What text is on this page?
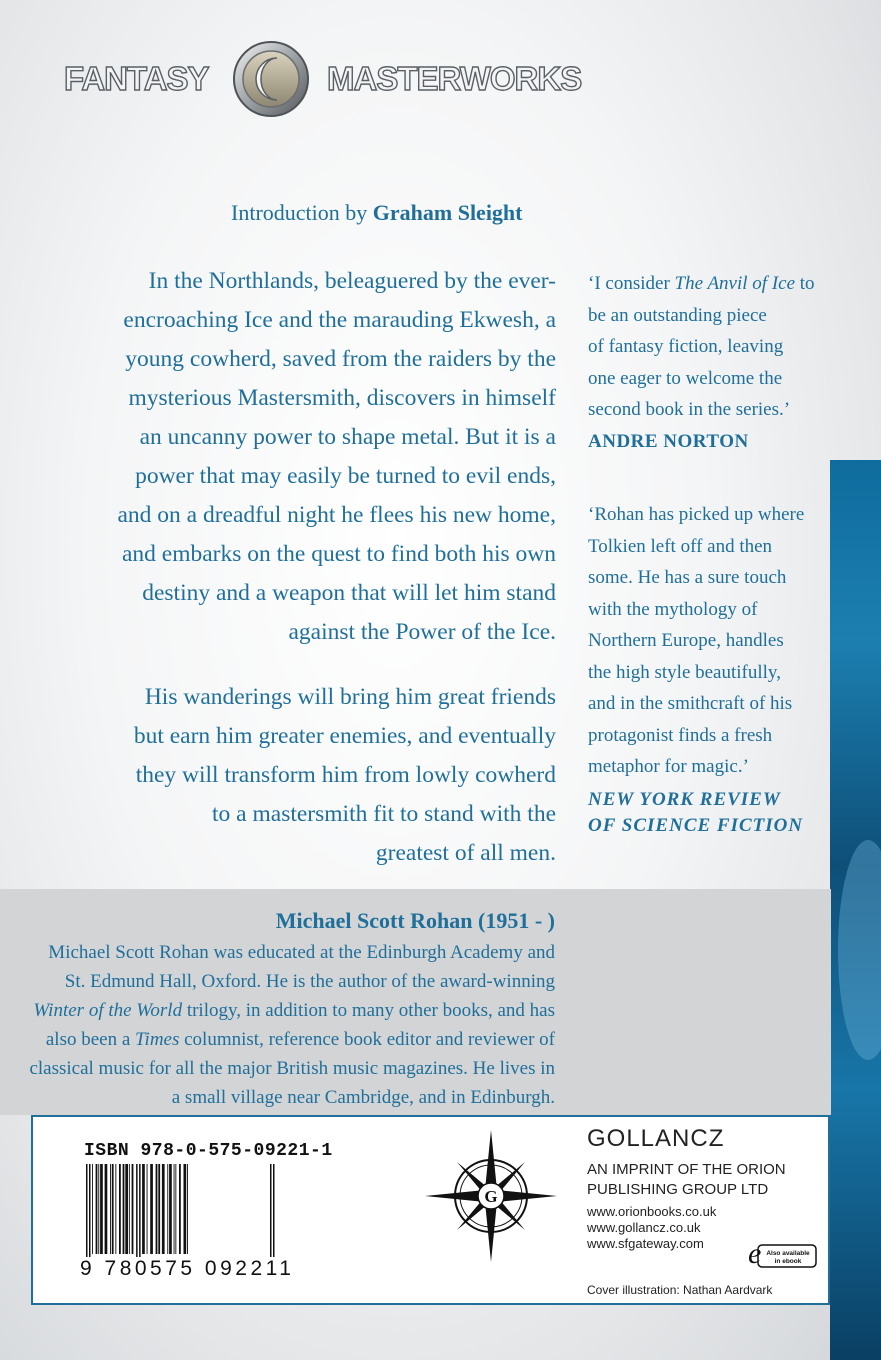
FANTASY	MASTERWORKS
Introduction by Graham Sleight
In the Northlands, beleaguered by the ever-
encroaching Ice and the marauding Ekwesh, a
young cowherd, saved from the raiders by the
mysterious Mastersmith, discovers in himself
an uncanny power to shape metal. But it is a
power that may easily be turned to evil ends,
and on a dreadful night he flees his new home,
and embarks on the quest to find both his own
destiny and a weapon that will let him stand
against the Power of the Ice.
His wanderings will bring him great friends
but earn him greater enemies, and eventually
they will transform him from lowly cowherd
to a mastersmith fit to stand with the
greatest of all men.
‘I consider The Anvil of Ice to
be an outstanding piece
of fantasy fiction, leaving
one eager to welcome the
second book in the series.’
ANDRE NORTON
‘Rohan has picked up where
Tolkien left off and then
some. He has a sure touch
with the mythology of
Northern Europe, handles
the high style beautifully,
and in the smithcraft of his
protagonist finds a fresh
metaphor for magic.’
NEW YORK REVIEW
OF SCIENCE FICTION
Michael Scott Rohan (1951 - )
Michael Scott Rohan was educated at the Edinburgh Academy and
St. Edmund Hall, Oxford. He is the author of the award-winning
Winter of the World trilogy, in addition to many other books, and has
also been a Times columnist, reference book editor and reviewer of
classical music for all the major British music magazines. He lives in
a small village near Cambridge, and in Edinburgh.
ISBN 978-0-575-09221-1
9 780575 092211
G
GOLLANCZ
AN IMPRINT OF THE ORION
PUBLISHING GROUP LTD
www.orionbooks.co.uk
www.gollancz.co.uk
www.sfgateway.com	e Also available
in ebook
Cover illustration: Nathan Aardvark
